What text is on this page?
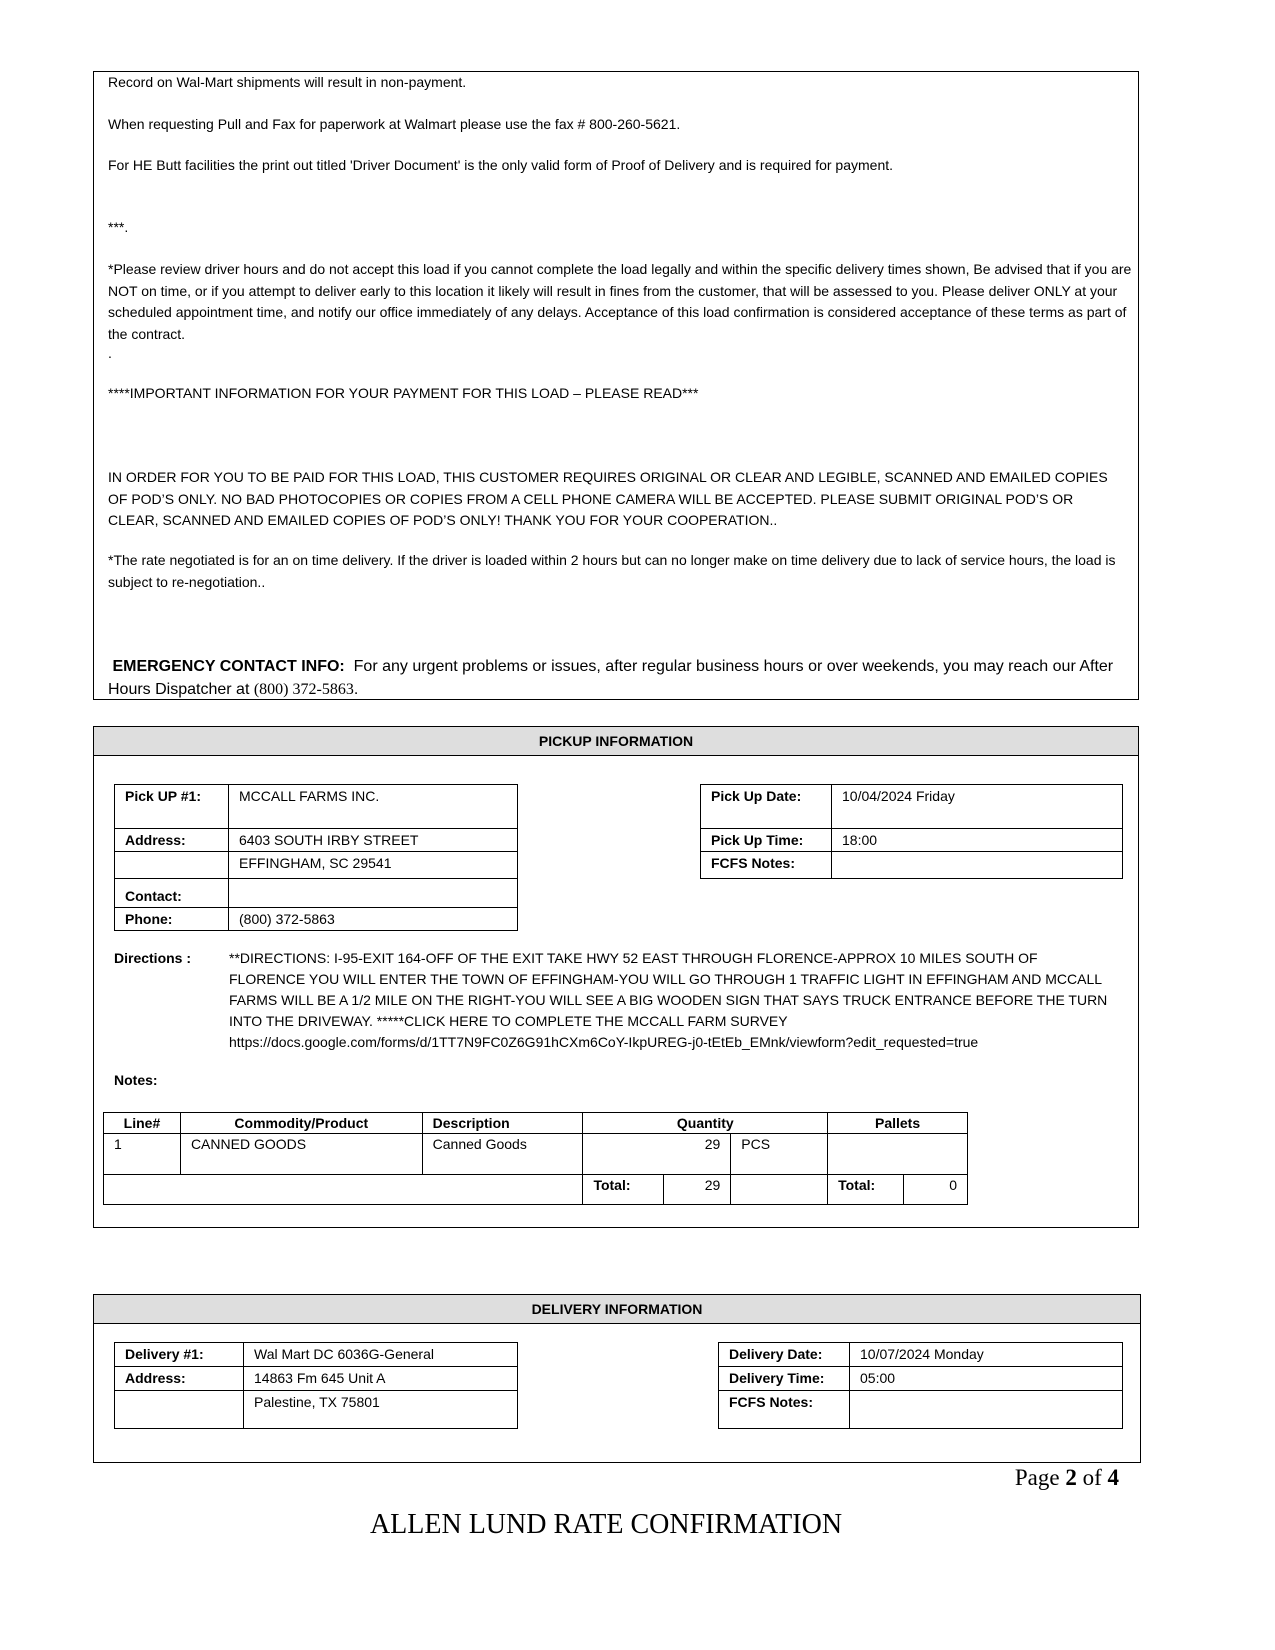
Record on Wal-Mart shipments will result in non-payment.
When requesting Pull and Fax for paperwork at Walmart please use the fax # 800-260-5621.
For HE Butt facilities the print out titled 'Driver Document' is the only valid form of Proof of Delivery and is required for payment.
***.
*Please review driver hours and do not accept this load if you cannot complete the load legally and within the specific delivery times shown, Be advised that if you are NOT on time, or if you attempt to deliver early to this location it likely will result in fines from the customer, that will be assessed to you. Please deliver ONLY at your scheduled appointment time, and notify our office immediately of any delays. Acceptance of this load confirmation is considered acceptance of these terms as part of the contract.
.
****IMPORTANT INFORMATION FOR YOUR PAYMENT FOR THIS LOAD – PLEASE READ***
IN ORDER FOR YOU TO BE PAID FOR THIS LOAD, THIS CUSTOMER REQUIRES ORIGINAL OR CLEAR AND LEGIBLE, SCANNED AND EMAILED COPIES OF POD’S ONLY. NO BAD PHOTOCOPIES OR COPIES FROM A CELL PHONE CAMERA WILL BE ACCEPTED. PLEASE SUBMIT ORIGINAL POD’S OR CLEAR, SCANNED AND EMAILED COPIES OF POD’S ONLY! THANK YOU FOR YOUR COOPERATION..
*The rate negotiated is for an on time delivery. If the driver is loaded within 2 hours but can no longer make on time delivery due to lack of service hours, the load is subject to re-negotiation..
EMERGENCY CONTACT INFO: For any urgent problems or issues, after regular business hours or over weekends, you may reach our After Hours Dispatcher at (800) 372-5863.
PICKUP INFORMATION
Pick UP #1:	MCCALL FARMS INC.
Address:	6403 SOUTH IRBY STREET
	EFFINGHAM, SC 29541
Contact:	
Phone:	(800) 372-5863
Pick Up Date:	10/04/2024 Friday
Pick Up Time:	18:00
FCFS Notes:	
Directions :	**DIRECTIONS: I-95-EXIT 164-OFF OF THE EXIT TAKE HWY 52 EAST THROUGH FLORENCE-APPROX 10 MILES SOUTH OF FLORENCE YOU WILL ENTER THE TOWN OF EFFINGHAM-YOU WILL GO THROUGH 1 TRAFFIC LIGHT IN EFFINGHAM AND MCCALL FARMS WILL BE A 1/2 MILE ON THE RIGHT-YOU WILL SEE A BIG WOODEN SIGN THAT SAYS TRUCK ENTRANCE BEFORE THE TURN INTO THE DRIVEWAY. *****CLICK HERE TO COMPLETE THE MCCALL FARM SURVEY https://docs.google.com/forms/d/1TT7N9FC0Z6G91hCXm6CoY-IkpUREG-j0-tEtEb_EMnk/viewform?edit_requested=true
Notes:
Line#	Commodity/Product	Description	Quantity			Pallets	
1	CANNED GOODS	Canned Goods	29		PCS		
			Total:	29		Total:	0
DELIVERY INFORMATION
Delivery #1:	Wal Mart DC 6036G-General
Address:	14863 Fm 645 Unit A
	Palestine, TX 75801
Delivery Date:	10/07/2024 Monday
Delivery Time:	05:00
FCFS Notes:	
Page 2 of 4
ALLEN LUND RATE CONFIRMATION
